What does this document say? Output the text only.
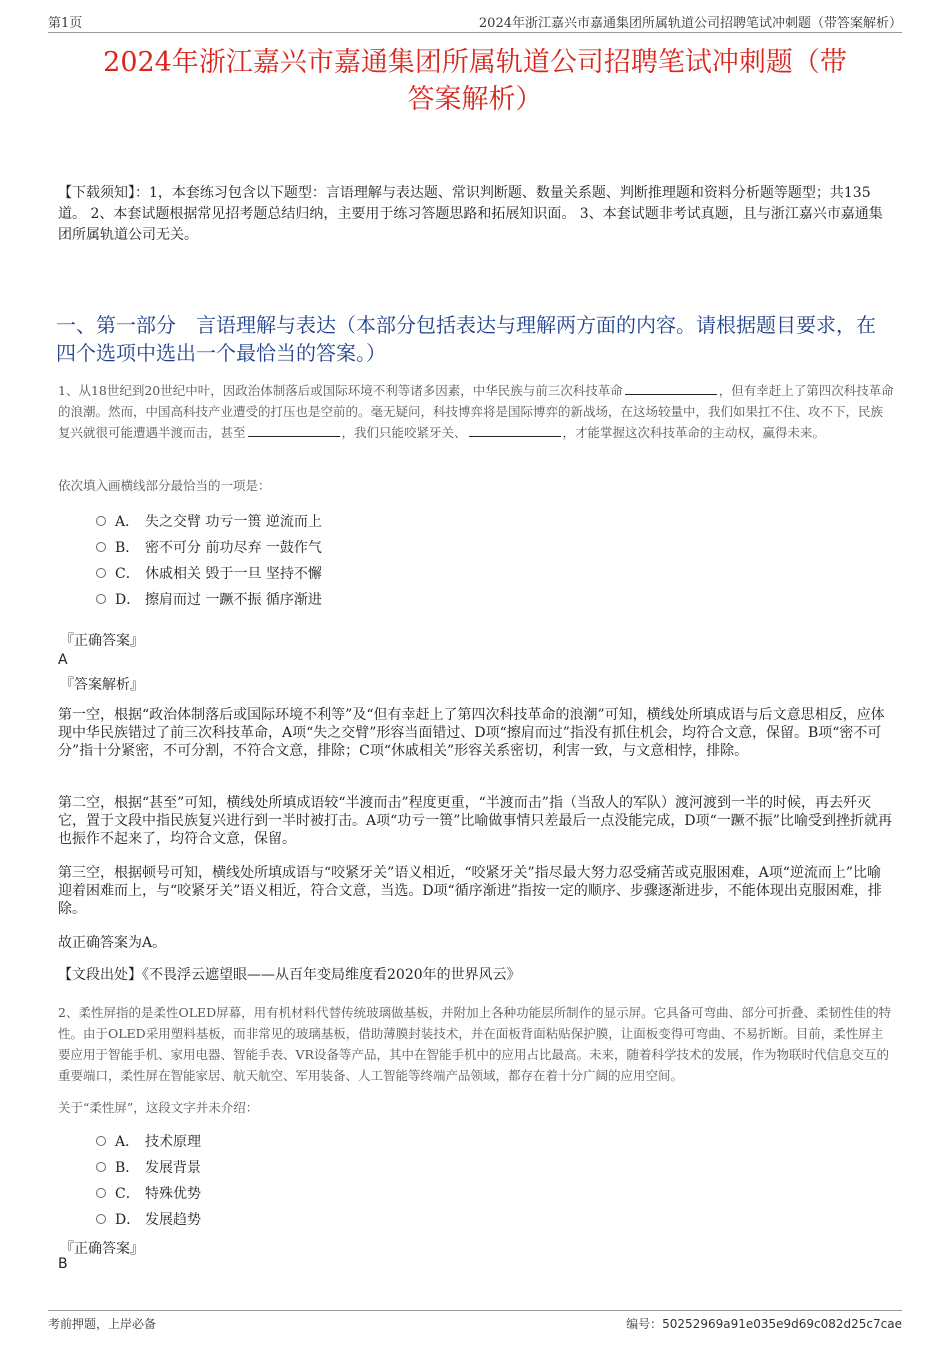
第1页	2024年浙江嘉兴市嘉通集团所属轨道公司招聘笔试冲刺题（带答案解析）
2024年浙江嘉兴市嘉通集团所属轨道公司招聘笔试冲刺题（带
答案解析）
【下载须知】：1，本套练习包含以下题型：言语理解与表达题、常识判断题、数量关系题、判断推理题和资料分析题等题型；共135道。 2、本套试题根据常见招考题总结归纳，主要用于练习答题思路和拓展知识面。 3、本套试题非考试真题，且与浙江嘉兴市嘉通集团所属轨道公司无关。
一、第一部分　言语理解与表达（本部分包括表达与理解两方面的内容。请根据题目要求，在四个选项中选出一个最恰当的答案。）
1、从18世纪到20世纪中叶，因政治体制落后或国际环境不利等诸多因素，中华民族与前三次科技革命	，但有幸赶上了第四次科技革命的浪潮。然而，中国高科技产业遭受的打压也是空前的。毫无疑问，科技博弈将是国际博弈的新战场，在这场较量中，我们如果扛不住、攻不下，民族复兴就很可能遭遇半渡而击，甚至	，我们只能咬紧牙关、	，才能掌握这次科技革命的主动权，赢得未来。
依次填入画横线部分最恰当的一项是：
A． 失之交臂 功亏一篑 逆流而上
B． 密不可分 前功尽弃 一鼓作气
C． 休戚相关 毁于一旦 坚持不懈
D． 擦肩而过 一蹶不振 循序渐进
『正确答案』
A
『答案解析』
第一空，根据“政治体制落后或国际环境不利等”及“但有幸赶上了第四次科技革命的浪潮”可知，横线处所填成语与后文意思相反，应体现中华民族错过了前三次科技革命，A项“失之交臂”形容当面错过、D项“擦肩而过”指没有抓住机会，均符合文意，保留。B项“密不可分”指十分紧密，不可分割，不符合文意，排除；C项“休戚相关”形容关系密切，利害一致，与文意相悖，排除。
第二空，根据“甚至”可知，横线处所填成语较“半渡而击”程度更重，“半渡而击”指（当敌人的军队）渡河渡到一半的时候，再去歼灭它，置于文段中指民族复兴进行到一半时被打击。A项“功亏一篑”比喻做事情只差最后一点没能完成，D项“一蹶不振”比喻受到挫折就再也振作不起来了，均符合文意，保留。
第三空，根据顿号可知，横线处所填成语与“咬紧牙关”语义相近，“咬紧牙关”指尽最大努力忍受痛苦或克服困难，A项“逆流而上”比喻迎着困难而上，与“咬紧牙关”语义相近，符合文意，当选。D项“循序渐进”指按一定的顺序、步骤逐渐进步，不能体现出克服困难，排除。
故正确答案为A。
【文段出处】《不畏浮云遮望眼——从百年变局维度看2020年的世界风云》
2、柔性屏指的是柔性OLED屏幕，用有机材料代替传统玻璃做基板，并附加上各种功能层所制作的显示屏。它具备可弯曲、部分可折叠、柔韧性佳的特性。由于OLED采用塑料基板，而非常见的玻璃基板，借助薄膜封装技术，并在面板背面粘贴保护膜，让面板变得可弯曲、不易折断。目前，柔性屏主要应用于智能手机、家用电器、智能手表、VR设备等产品，其中在智能手机中的应用占比最高。未来，随着科学技术的发展，作为物联时代信息交互的重要端口，柔性屏在智能家居、航天航空、军用装备、人工智能等终端产品领域，都存在着十分广阔的应用空间。
关于“柔性屏”，这段文字并未介绍：
A． 技术原理
B． 发展背景
C． 特殊优势
D． 发展趋势
『正确答案』
B
考前押题，上岸必备	编号：50252969a91e035e9d69c082d25c7cae
